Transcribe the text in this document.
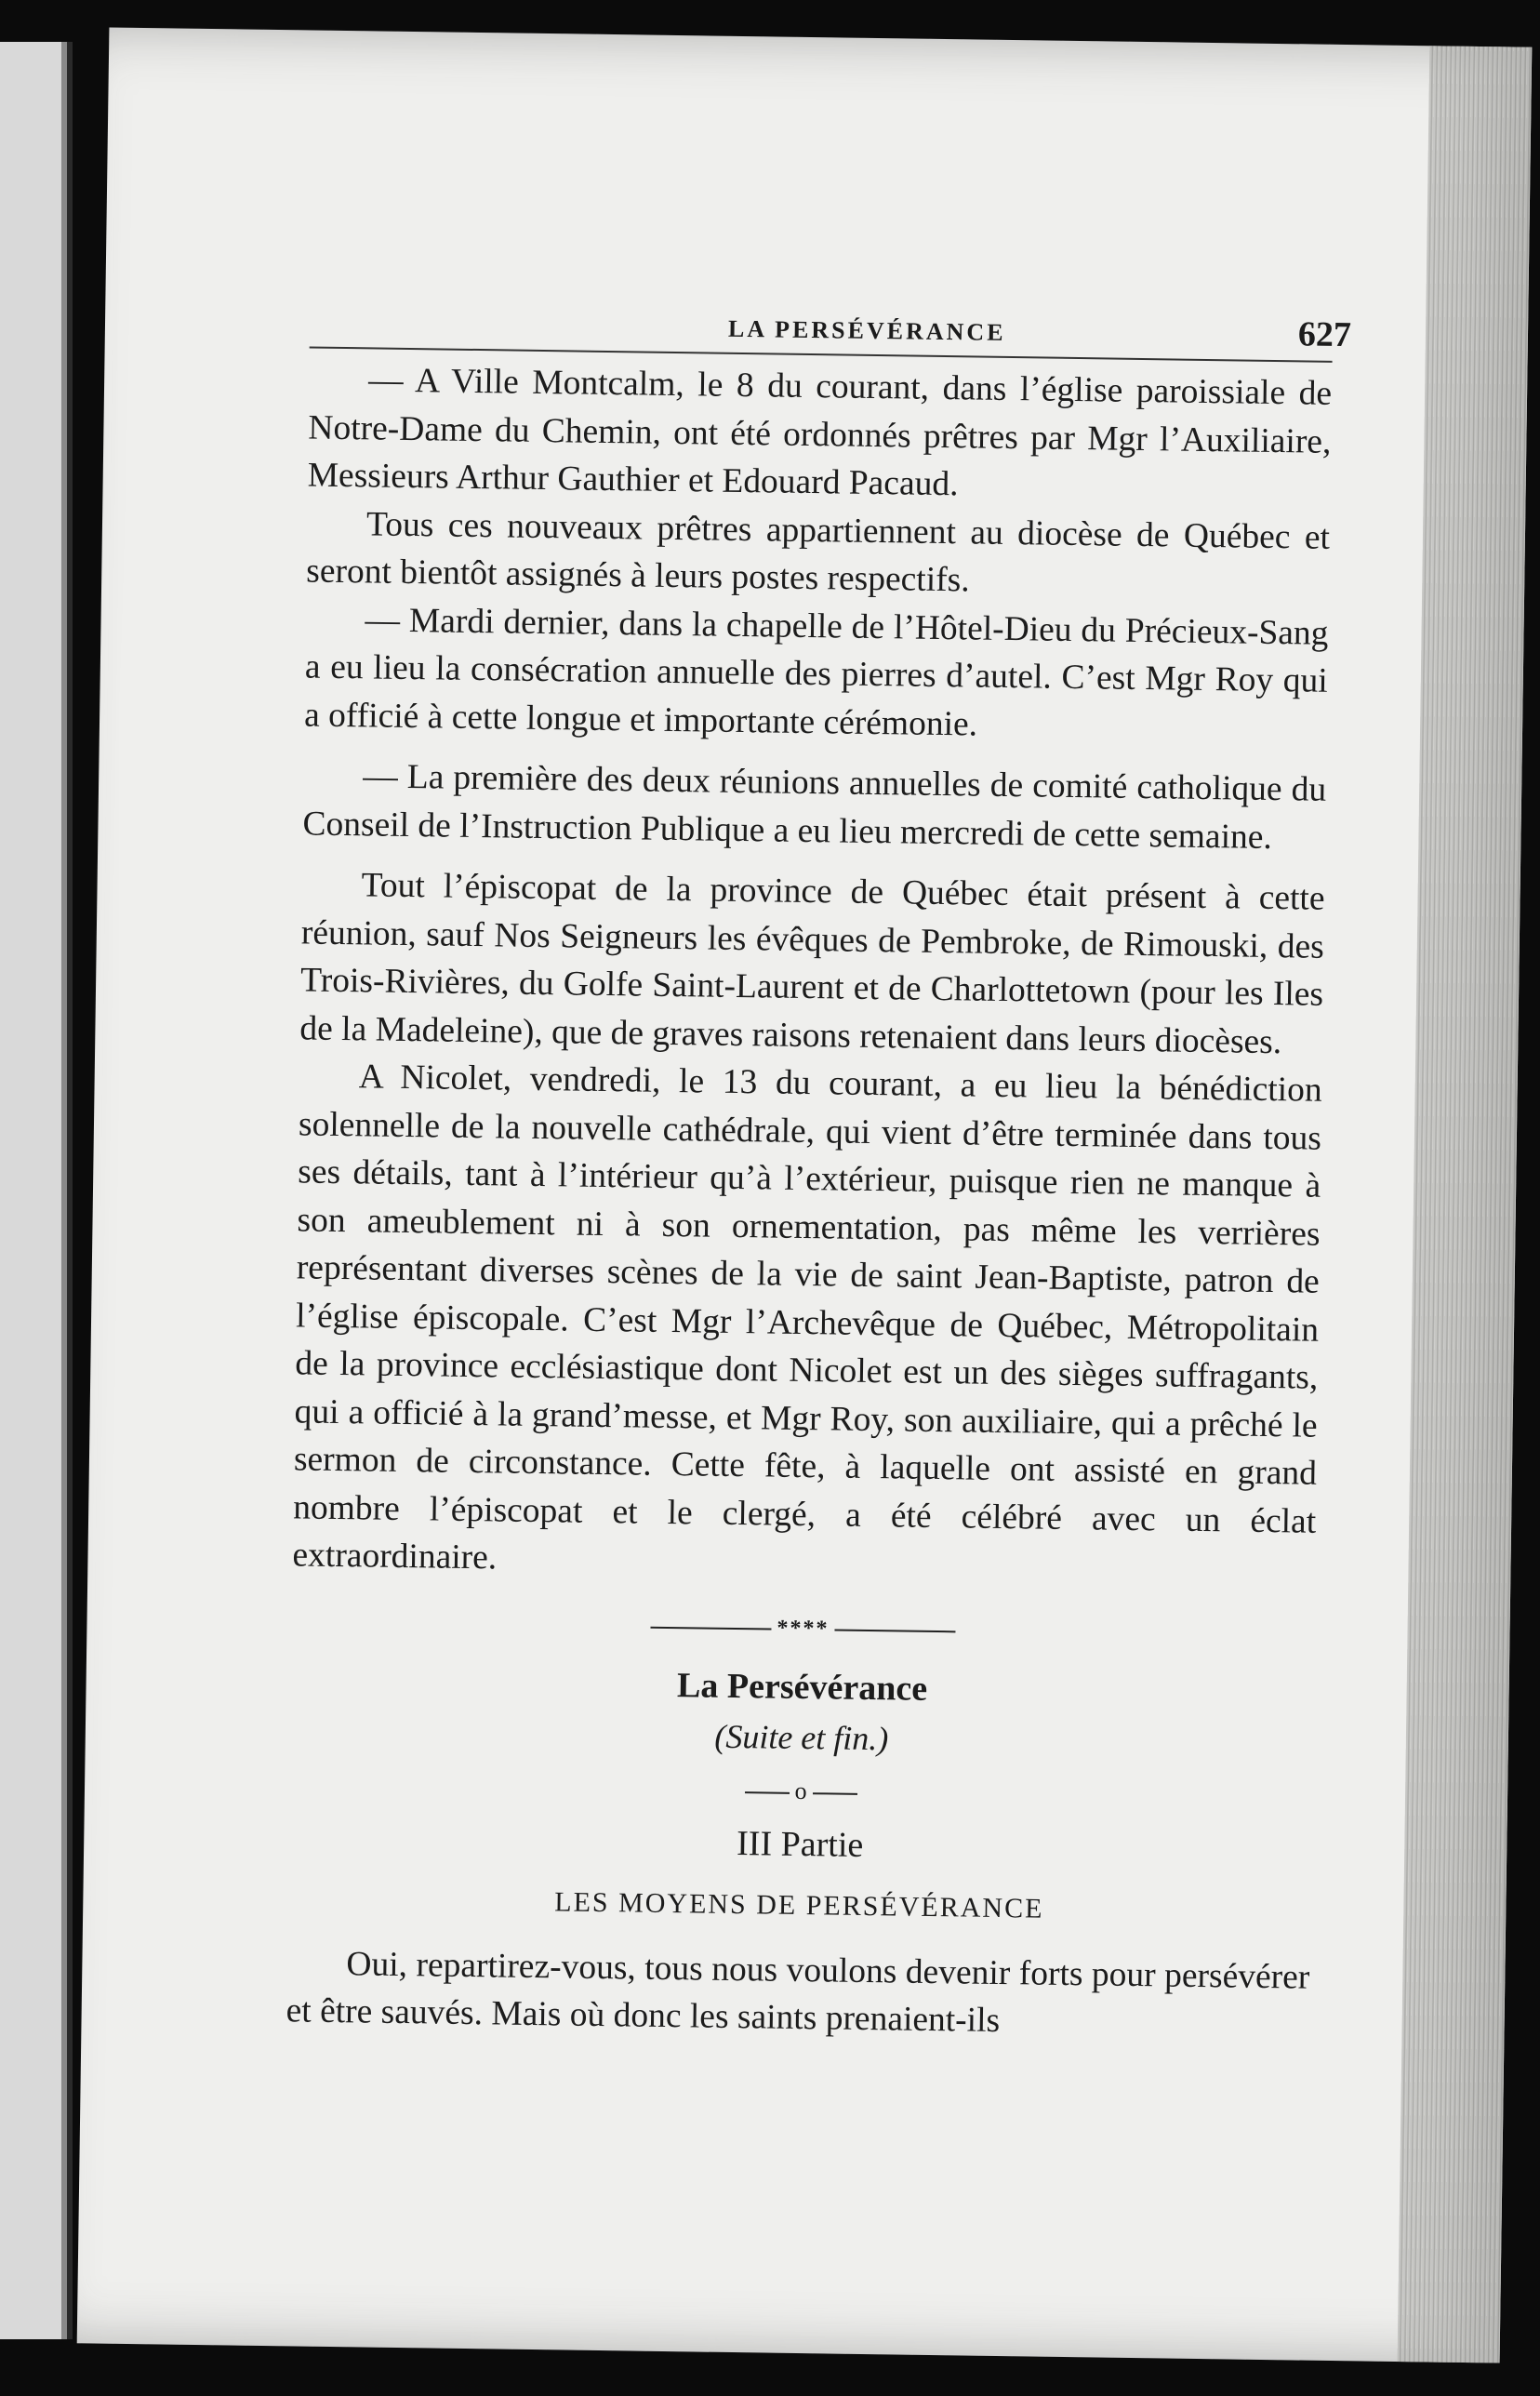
LA PERSÉVÉRANCE	627

— A Ville Montcalm, le 8 du courant, dans l’église paroissiale de Notre-Dame du Chemin, ont été ordonnés prêtres par Mgr l’Auxiliaire, Messieurs Arthur Gauthier et Edouard Pacaud.

Tous ces nouveaux prêtres appartiennent au diocèse de Québec et seront bientôt assignés à leurs postes respectifs.

— Mardi dernier, dans la chapelle de l’Hôtel-Dieu du Précieux-Sang a eu lieu la consécration annuelle des pierres d’autel. C’est Mgr Roy qui a officié à cette longue et importante cérémonie.

— La première des deux réunions annuelles de comité catholique du Conseil de l’Instruction Publique a eu lieu mercredi de cette semaine.

Tout l’épiscopat de la province de Québec était présent à cette réunion, sauf Nos Seigneurs les évêques de Pembroke, de Rimouski, des Trois-Rivières, du Golfe Saint-Laurent et de Charlottetown (pour les Iles de la Madeleine), que de graves raisons retenaient dans leurs diocèses.

A Nicolet, vendredi, le 13 du courant, a eu lieu la bénédiction solennelle de la nouvelle cathédrale, qui vient d’être terminée dans tous ses détails, tant à l’intérieur qu’à l’extérieur, puisque rien ne manque à son ameublement ni à son ornementation, pas même les verrières représentant diverses scènes de la vie de saint Jean-Baptiste, patron de l’église épiscopale. C’est Mgr l’Archevêque de Québec, Métropolitain de la province ecclésiastique dont Nicolet est un des sièges suffragants, qui a officié à la grand’messe, et Mgr Roy, son auxiliaire, qui a prêché le sermon de circonstance. Cette fête, à laquelle ont assisté en grand nombre l’épiscopat et le clergé, a été célébré avec un éclat extraordinaire.

****
La Persévérance
(Suite et fin.)
o
III Partie
LES MOYENS DE PERSÉVÉRANCE

Oui, repartirez-vous, tous nous voulons devenir forts pour persévérer et être sauvés. Mais où donc les saints prenaient-ils
